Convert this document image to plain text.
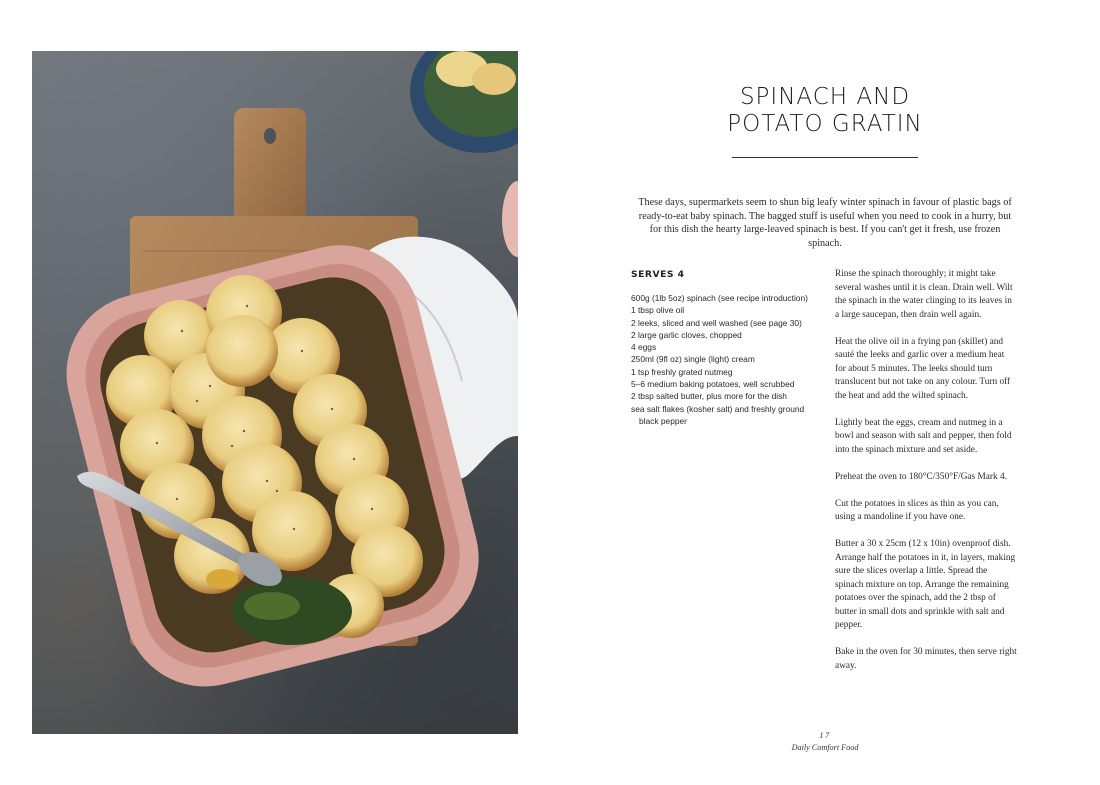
SPINACH AND
POTATO GRATIN

These days, supermarkets seem to shun big leafy winter spinach in favour of plastic bags of ready-to-eat baby spinach. The bagged stuff is useful when you need to cook in a hurry, but for this dish the hearty large-leaved spinach is best. If you can't get it fresh, use frozen spinach.

SERVES 4
600g (1lb 5oz) spinach (see recipe introduction)
1 tbsp olive oil
2 leeks, sliced and well washed (see page 30)
2 large garlic cloves, chopped
4 eggs
250ml (9fl oz) single (light) cream
1 tsp freshly grated nutmeg
5–6 medium baking potatoes, well scrubbed
2 tbsp salted butter, plus more for the dish
sea salt flakes (kosher salt) and freshly ground black pepper

Rinse the spinach thoroughly; it might take several washes until it is clean. Drain well. Wilt the spinach in the water clinging to its leaves in a large saucepan, then drain well again.

Heat the olive oil in a frying pan (skillet) and sauté the leeks and garlic over a medium heat for about 5 minutes. The leeks should turn translucent but not take on any colour. Turn off the heat and add the wilted spinach.

Lightly beat the eggs, cream and nutmeg in a bowl and season with salt and pepper, then fold into the spinach mixture and set aside.

Preheat the oven to 180°C/350°F/Gas Mark 4.

Cut the potatoes in slices as thin as you can, using a mandoline if you have one.

Butter a 30 x 25cm (12 x 10in) ovenproof dish. Arrange half the potatoes in it, in layers, making sure the slices overlap a little. Spread the spinach mixture on top. Arrange the remaining potatoes over the spinach, add the 2 tbsp of butter in small dots and sprinkle with salt and pepper.

Bake in the oven for 30 minutes, then serve right away.

17
Daily Comfort Food
